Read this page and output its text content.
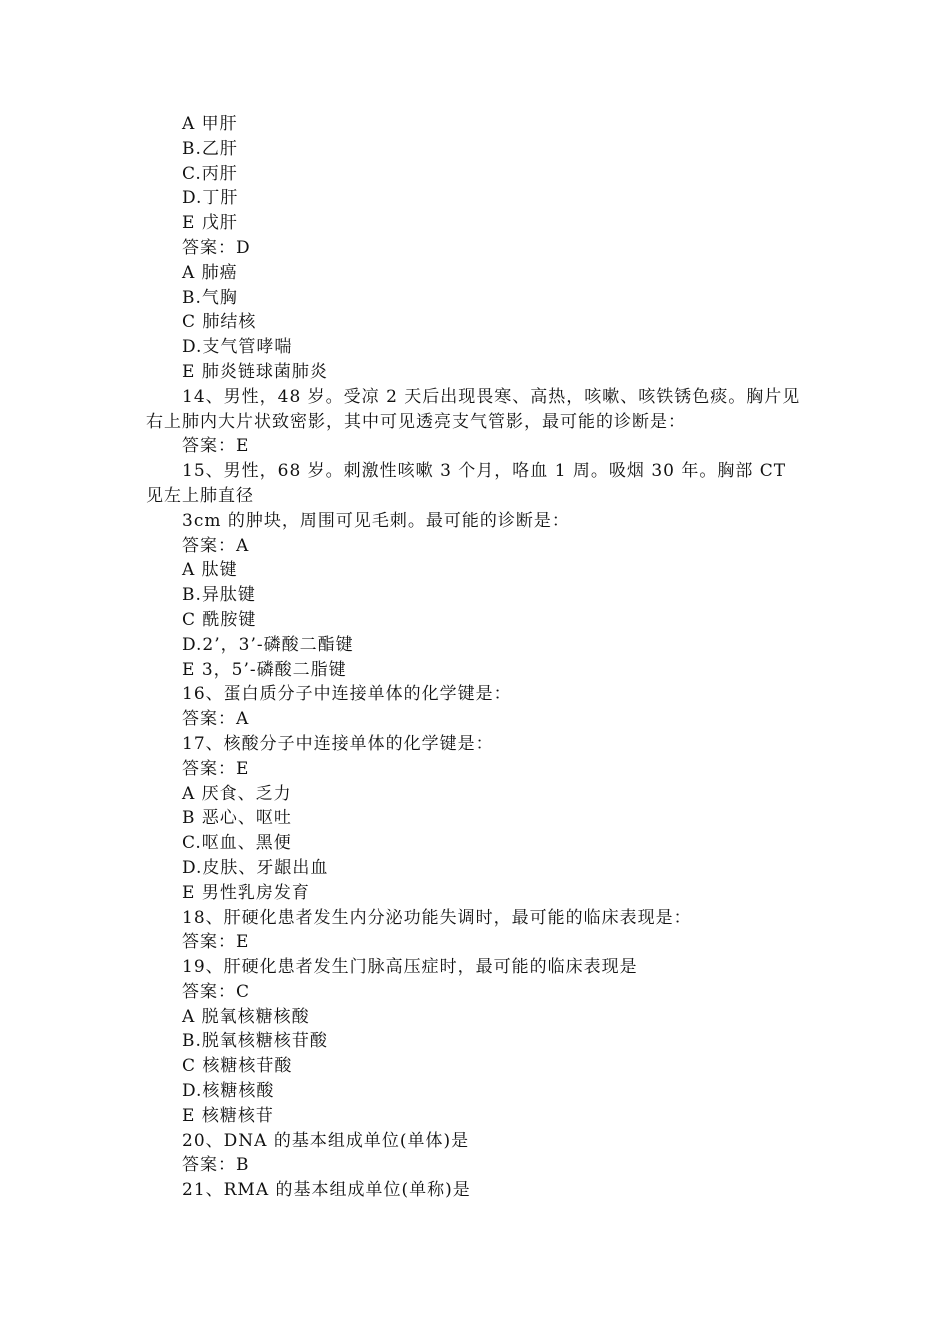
A 甲肝
B.乙肝
C.丙肝
D.丁肝
E 戊肝
答案：D
A 肺癌
B.气胸
C 肺结核
D.支气管哮喘
E 肺炎链球菌肺炎
14、男性，48 岁。受凉 2 天后出现畏寒、高热，咳嗽、咳铁锈色痰。胸片见右上肺内大片状致密影，其中可见透亮支气管影，最可能的诊断是：
答案：E
15、男性，68 岁。刺激性咳嗽 3 个月，咯血 1 周。吸烟 30 年。胸部 CT 见左上肺直径
3cm 的肿块，周围可见毛刺。最可能的诊断是：
答案：A
A 肽键
B.异肽键
C 酰胺键
D.2’，3’-磷酸二酯键
E 3，5’-磷酸二脂键
16、蛋白质分子中连接单体的化学键是：
答案：A
17、核酸分子中连接单体的化学键是：
答案：E
A 厌食、乏力
B 恶心、呕吐
C.呕血、黑便
D.皮肤、牙龈出血
E 男性乳房发育
18、肝硬化患者发生内分泌功能失调时，最可能的临床表现是：
答案：E
19、肝硬化患者发生门脉高压症时，最可能的临床表现是
答案：C
A 脱氧核糖核酸
B.脱氧核糖核苷酸
C 核糖核苷酸
D.核糖核酸
E 核糖核苷
20、DNA 的基本组成单位(单体)是
答案：B
21、RMA 的基本组成单位(单称)是
